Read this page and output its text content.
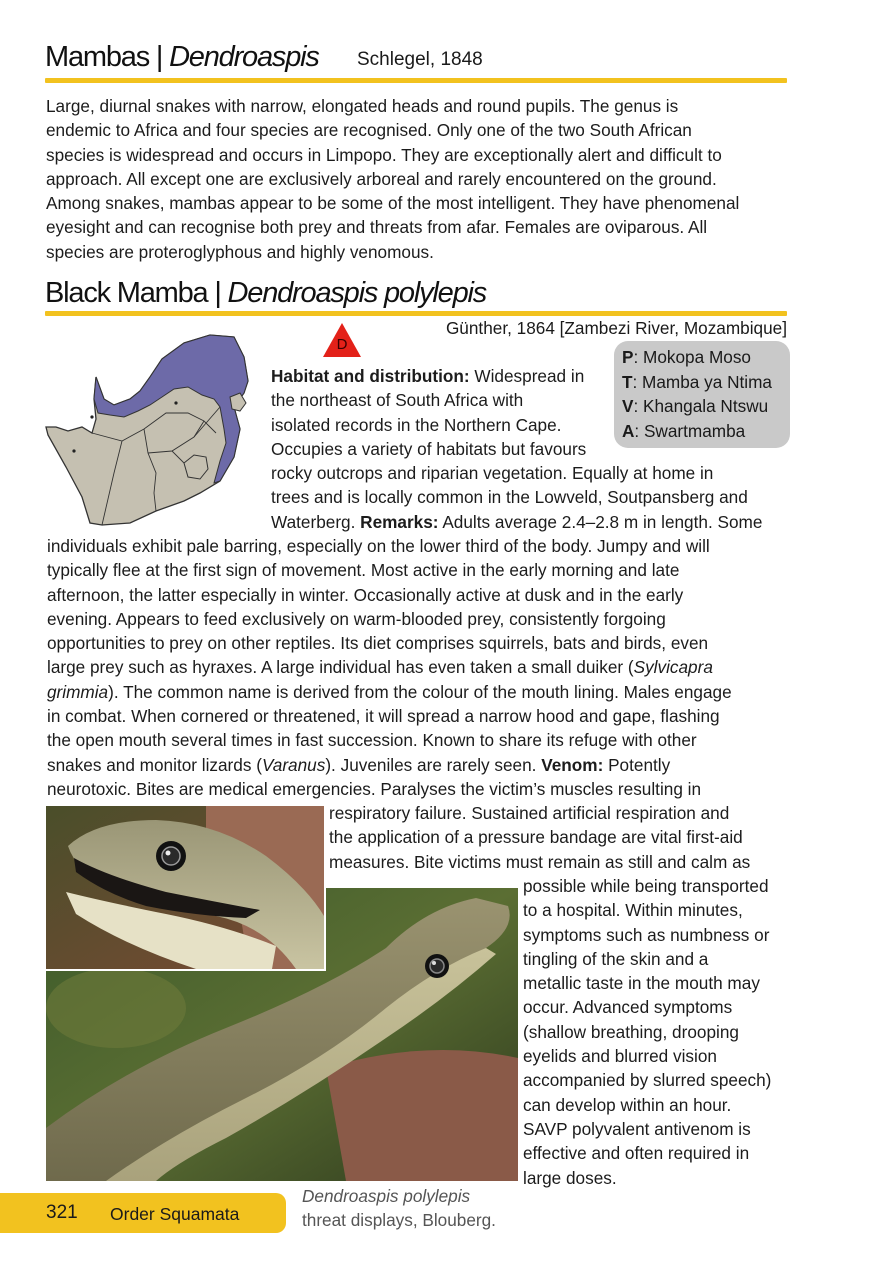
Mambas | Dendroaspis Schlegel, 1848
Large, diurnal snakes with narrow, elongated heads and round pupils. The genus is
endemic to Africa and four species are recognised. Only one of the two South African
species is widespread and occurs in Limpopo. They are exceptionally alert and difficult to
approach. All except one are exclusively arboreal and rarely encountered on the ground.
Among snakes, mambas appear to be some of the most intelligent. They have phenomenal
eyesight and can recognise both prey and threats from afar. Females are oviparous. All
species are proteroglyphous and highly venomous.
Black Mamba | Dendroaspis polylepis
Günther, 1864 [Zambezi River, Mozambique]
D
P: Mokopa Moso
T: Mamba ya Ntima
V: Khangala Ntswu
A: Swartmamba
Habitat and distribution: Widespread in
the northeast of South Africa with
isolated records in the Northern Cape.
Occupies a variety of habitats but favours
rocky outcrops and riparian vegetation. Equally at home in
trees and is locally common in the Lowveld, Soutpansberg and
Waterberg. Remarks: Adults average 2.4–2.8 m in length. Some
individuals exhibit pale barring, especially on the lower third of the body. Jumpy and will
typically flee at the first sign of movement. Most active in the early morning and late
afternoon, the latter especially in winter. Occasionally active at dusk and in the early
evening. Appears to feed exclusively on warm-blooded prey, consistently forgoing
opportunities to prey on other reptiles. Its diet comprises squirrels, bats and birds, even
large prey such as hyraxes. A large individual has even taken a small duiker (Sylvicapra
grimmia). The common name is derived from the colour of the mouth lining. Males engage
in combat. When cornered or threatened, it will spread a narrow hood and gape, flashing
the open mouth several times in fast succession. Known to share its refuge with other
snakes and monitor lizards (Varanus). Juveniles are rarely seen. Venom: Potently
neurotoxic. Bites are medical emergencies. Paralyses the victim’s muscles resulting in
respiratory failure. Sustained artificial respiration and
the application of a pressure bandage are vital first-aid
measures. Bite victims must remain as still and calm as
possible while being transported
to a hospital. Within minutes,
symptoms such as numbness or
tingling of the skin and a
metallic taste in the mouth may
occur. Advanced symptoms
(shallow breathing, drooping
eyelids and blurred vision
accompanied by slurred speech)
can develop within an hour.
SAVP polyvalent antivenom is
effective and often required in
large doses.
Dendroaspis polylepis
threat displays, Blouberg.
321 Order Squamata
